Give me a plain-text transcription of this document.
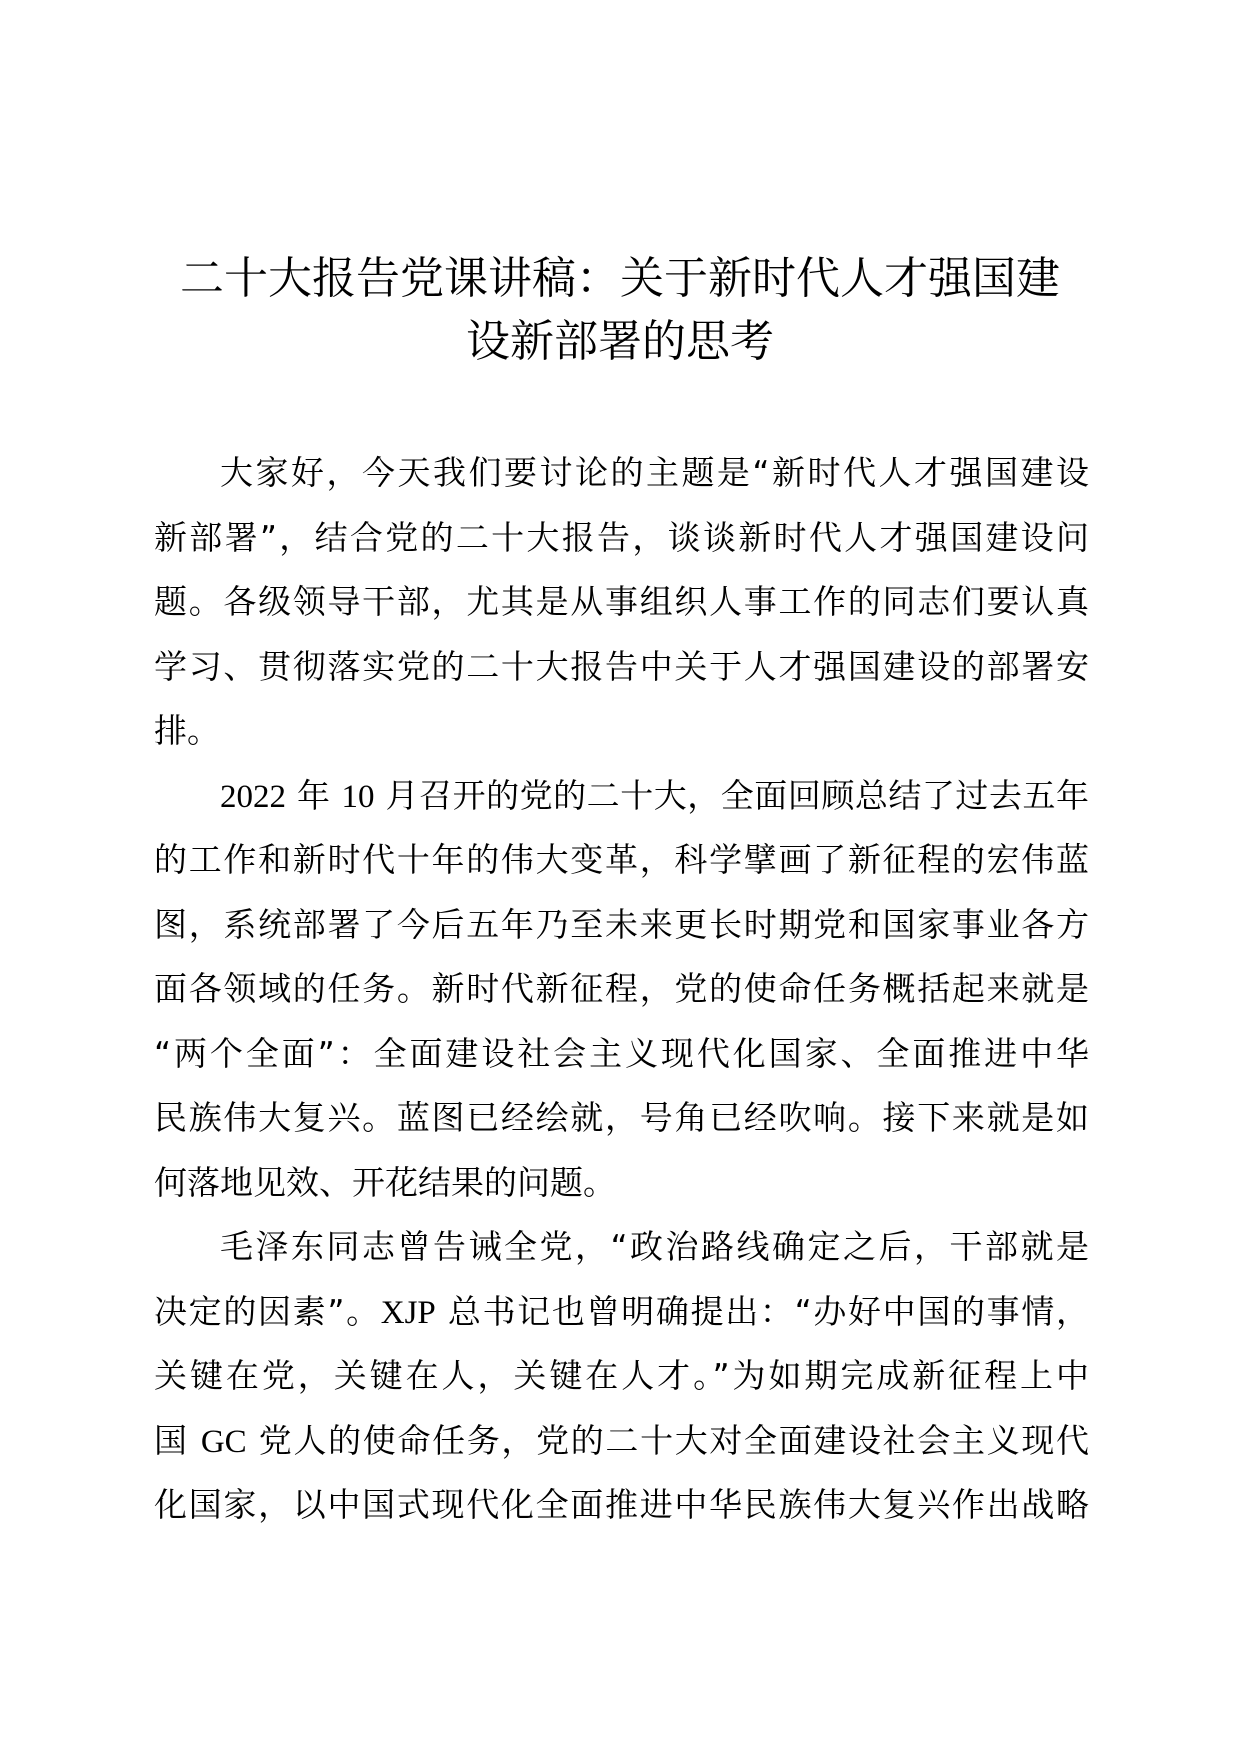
二十大报告党课讲稿：关于新时代人才强国建
设新部署的思考
大家好，今天我们要讨论的主题是“新时代人才强国建设
新部署”，结合党的二十大报告，谈谈新时代人才强国建设问
题。各级领导干部，尤其是从事组织人事工作的同志们要认真
学习、贯彻落实党的二十大报告中关于人才强国建设的部署安
排。
2022 年 10 月召开的党的二十大，全面回顾总结了过去五年
的工作和新时代十年的伟大变革，科学擘画了新征程的宏伟蓝
图，系统部署了今后五年乃至未来更长时期党和国家事业各方
面各领域的任务。新时代新征程，党的使命任务概括起来就是
“两个全面”：全面建设社会主义现代化国家、全面推进中华
民族伟大复兴。蓝图已经绘就，号角已经吹响。接下来就是如
何落地见效、开花结果的问题。
毛泽东同志曾告诫全党，“政治路线确定之后，干部就是
决定的因素”。XJP 总书记也曾明确提出：“办好中国的事情，
关键在党，关键在人，关键在人才。”为如期完成新征程上中
国 GC 党人的使命任务，党的二十大对全面建设社会主义现代
化国家，以中国式现代化全面推进中华民族伟大复兴作出战略
